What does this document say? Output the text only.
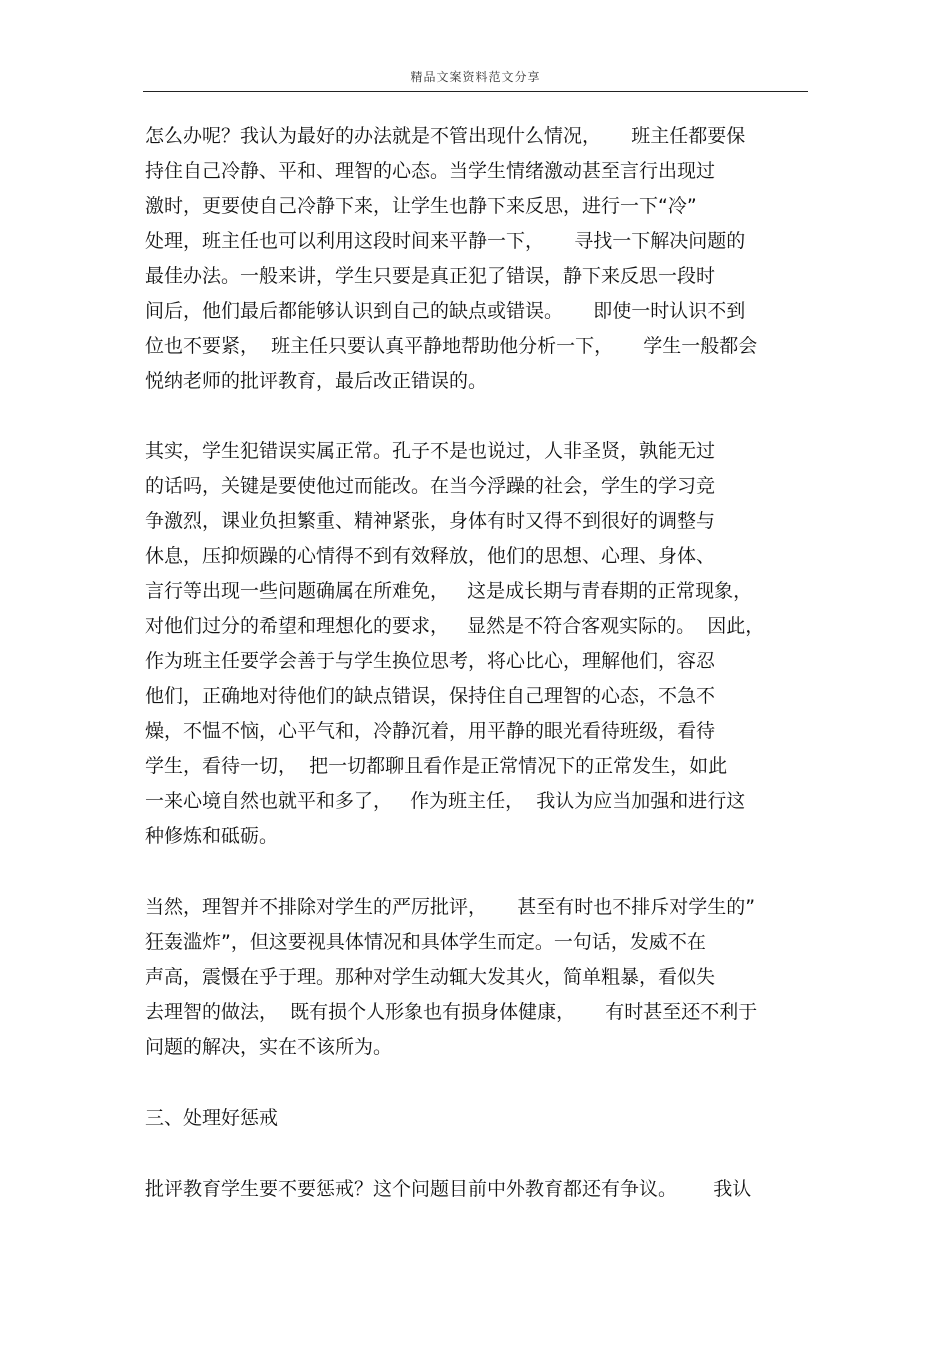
精品文案资料范文分享
怎么办呢？我认为最好的办法就是不管出现什么情况，     班主任都要保
持住自己冷静、平和、理智的心态。当学生情绪激动甚至言行出现过
激时，更要使自己冷静下来，让学生也静下来反思，进行一下“冷”
处理，班主任也可以利用这段时间来平静一下，     寻找一下解决问题的
最佳办法。一般来讲，学生只要是真正犯了错误，静下来反思一段时
间后，他们最后都能够认识到自己的缺点或错误。     即使一时认识不到
位也不要紧，  班主任只要认真平静地帮助他分析一下，     学生一般都会
悦纳老师的批评教育，最后改正错误的。
其实，学生犯错误实属正常。孔子不是也说过，人非圣贤，孰能无过
的话吗，关键是要使他过而能改。在当今浮躁的社会，学生的学习竞
争激烈，课业负担繁重、精神紧张，身体有时又得不到很好的调整与
休息，压抑烦躁的心情得不到有效释放，他们的思想、心理、身体、
言行等出现一些问题确属在所难免，   这是成长期与青春期的正常现象，
对他们过分的希望和理想化的要求，   显然是不符合客观实际的。  因此，
作为班主任要学会善于与学生换位思考，将心比心，理解他们，容忍
他们，正确地对待他们的缺点错误，保持住自己理智的心态，不急不
燥，不愠不恼，心平气和，冷静沉着，用平静的眼光看待班级，看待
学生，看待一切，  把一切都聊且看作是正常情况下的正常发生，如此
一来心境自然也就平和多了，   作为班主任，  我认为应当加强和进行这
种修炼和砥砺。
当然，理智并不排除对学生的严厉批评，     甚至有时也不排斥对学生的”
狂轰滥炸”，但这要视具体情况和具体学生而定。一句话，发威不在
声高，震慑在乎于理。那种对学生动辄大发其火，简单粗暴，看似失
去理智的做法，  既有损个人形象也有损身体健康，     有时甚至还不利于
问题的解决，实在不该所为。
三、处理好惩戒
批评教育学生要不要惩戒？这个问题目前中外教育都还有争议。      我认
